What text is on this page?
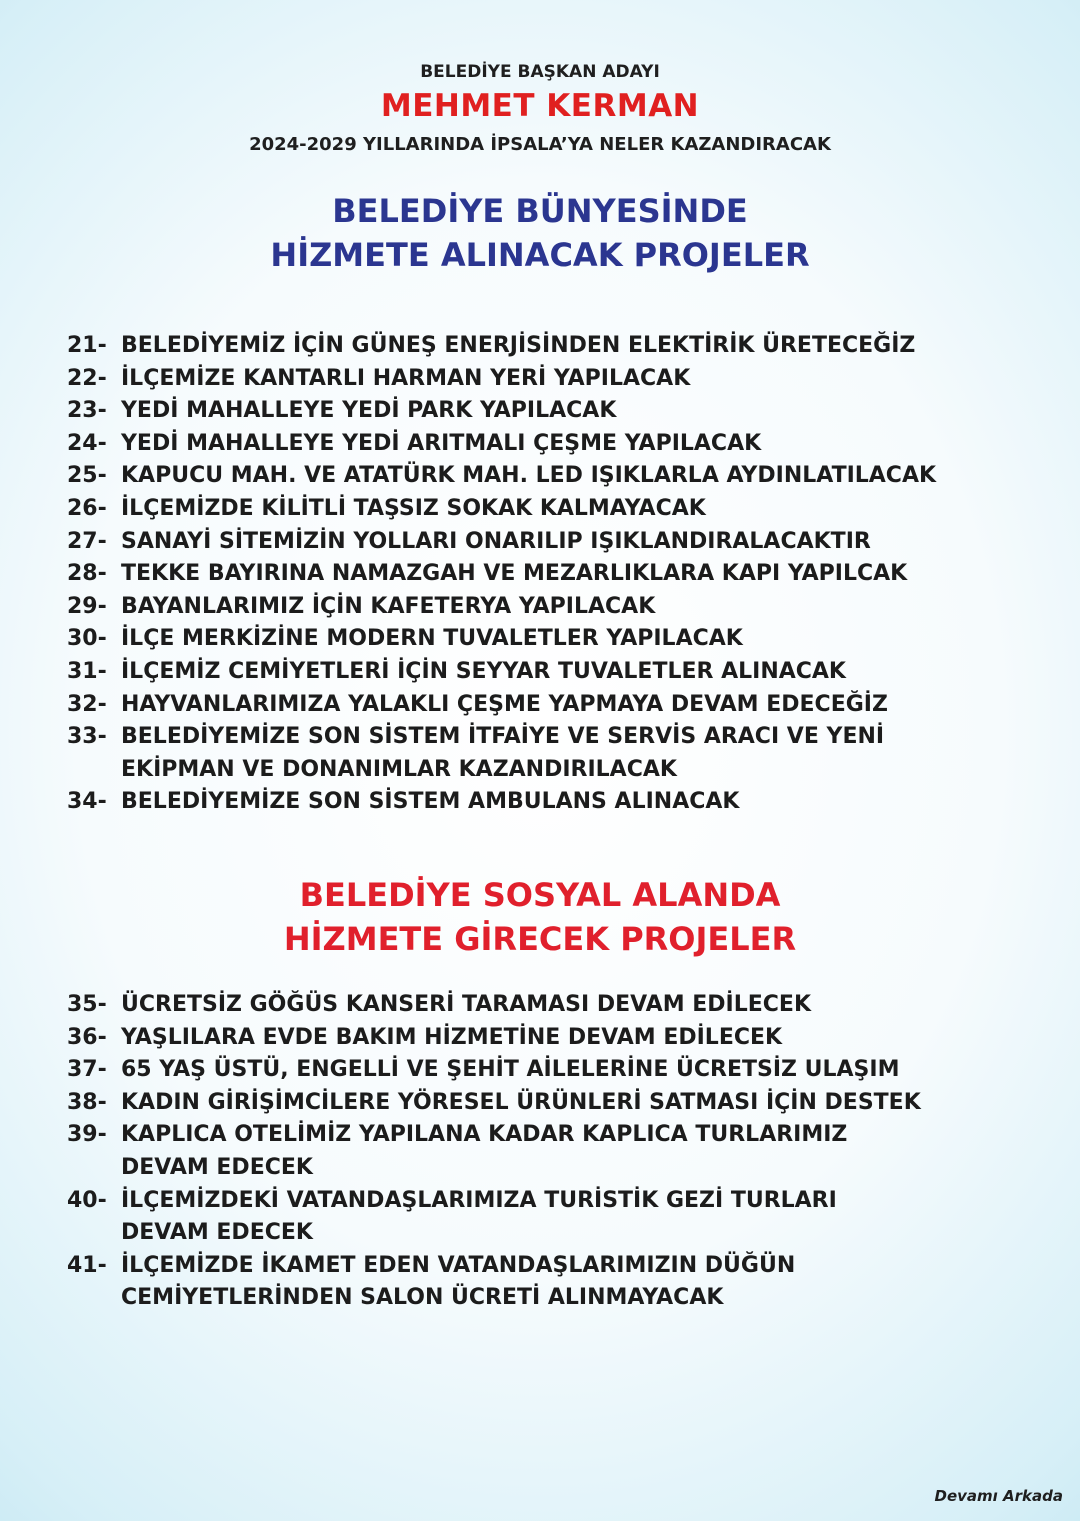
BELEDİYE BAŞKAN ADAYI
MEHMET KERMAN
2024-2029 YILLARINDA İPSALA’YA NELER KAZANDIRACAK
BELEDİYE BÜNYESİNDE
HİZMETE ALINACAK PROJELER
21- BELEDİYEMİZ İÇİN GÜNEŞ ENERJİSİNDEN ELEKTİRİK ÜRETECEĞİZ
22- İLÇEMİZE KANTARLI HARMAN YERİ YAPILACAK
23- YEDİ MAHALLEYE YEDİ PARK YAPILACAK
24- YEDİ MAHALLEYE YEDİ ARITMALI ÇEŞME YAPILACAK
25- KAPUCU MAH. VE ATATÜRK MAH. LED IŞIKLARLA AYDINLATILACAK
26- İLÇEMİZDE KİLİTLİ TAŞSIZ SOKAK KALMAYACAK
27- SANAYİ SİTEMİZİN YOLLARI ONARILIP IŞIKLANDIRALACAKTIR
28- TEKKE BAYIRINA NAMAZGAH VE MEZARLIKLARA KAPI YAPILCAK
29- BAYANLARIMIZ İÇİN KAFETERYA YAPILACAK
30- İLÇE MERKİZİNE MODERN TUVALETLER YAPILACAK
31- İLÇEMİZ CEMİYETLERİ İÇİN SEYYAR TUVALETLER ALINACAK
32- HAYVANLARIMIZA YALAKLI ÇEŞME YAPMAYA DEVAM EDECEĞİZ
33- BELEDİYEMİZE SON SİSTEM İTFAİYE VE SERVİS ARACI VE YENİ
EKİPMAN VE DONANIMLAR KAZANDIRILACAK
34- BELEDİYEMİZE SON SİSTEM AMBULANS ALINACAK
BELEDİYE SOSYAL ALANDA
HİZMETE GİRECEK PROJELER
35- ÜCRETSİZ GÖĞÜS KANSERİ TARAMASI DEVAM EDİLECEK
36- YAŞLILARA EVDE BAKIM HİZMETİNE DEVAM EDİLECEK
37- 65 YAŞ ÜSTÜ, ENGELLİ VE ŞEHİT AİLELERİNE ÜCRETSİZ ULAŞIM
38- KADIN GİRİŞİMCİLERE YÖRESEL ÜRÜNLERİ SATMASI İÇİN DESTEK
39- KAPLICA OTELİMİZ YAPILANA KADAR KAPLICA TURLARIMIZ
DEVAM EDECEK
40- İLÇEMİZDEKİ VATANDAŞLARIMIZA TURİSTİK GEZİ TURLARI
DEVAM EDECEK
41- İLÇEMİZDE İKAMET EDEN VATANDAŞLARIMIZIN DÜĞÜN
CEMİYETLERİNDEN SALON ÜCRETİ ALINMAYACAK
Devamı Arkada
